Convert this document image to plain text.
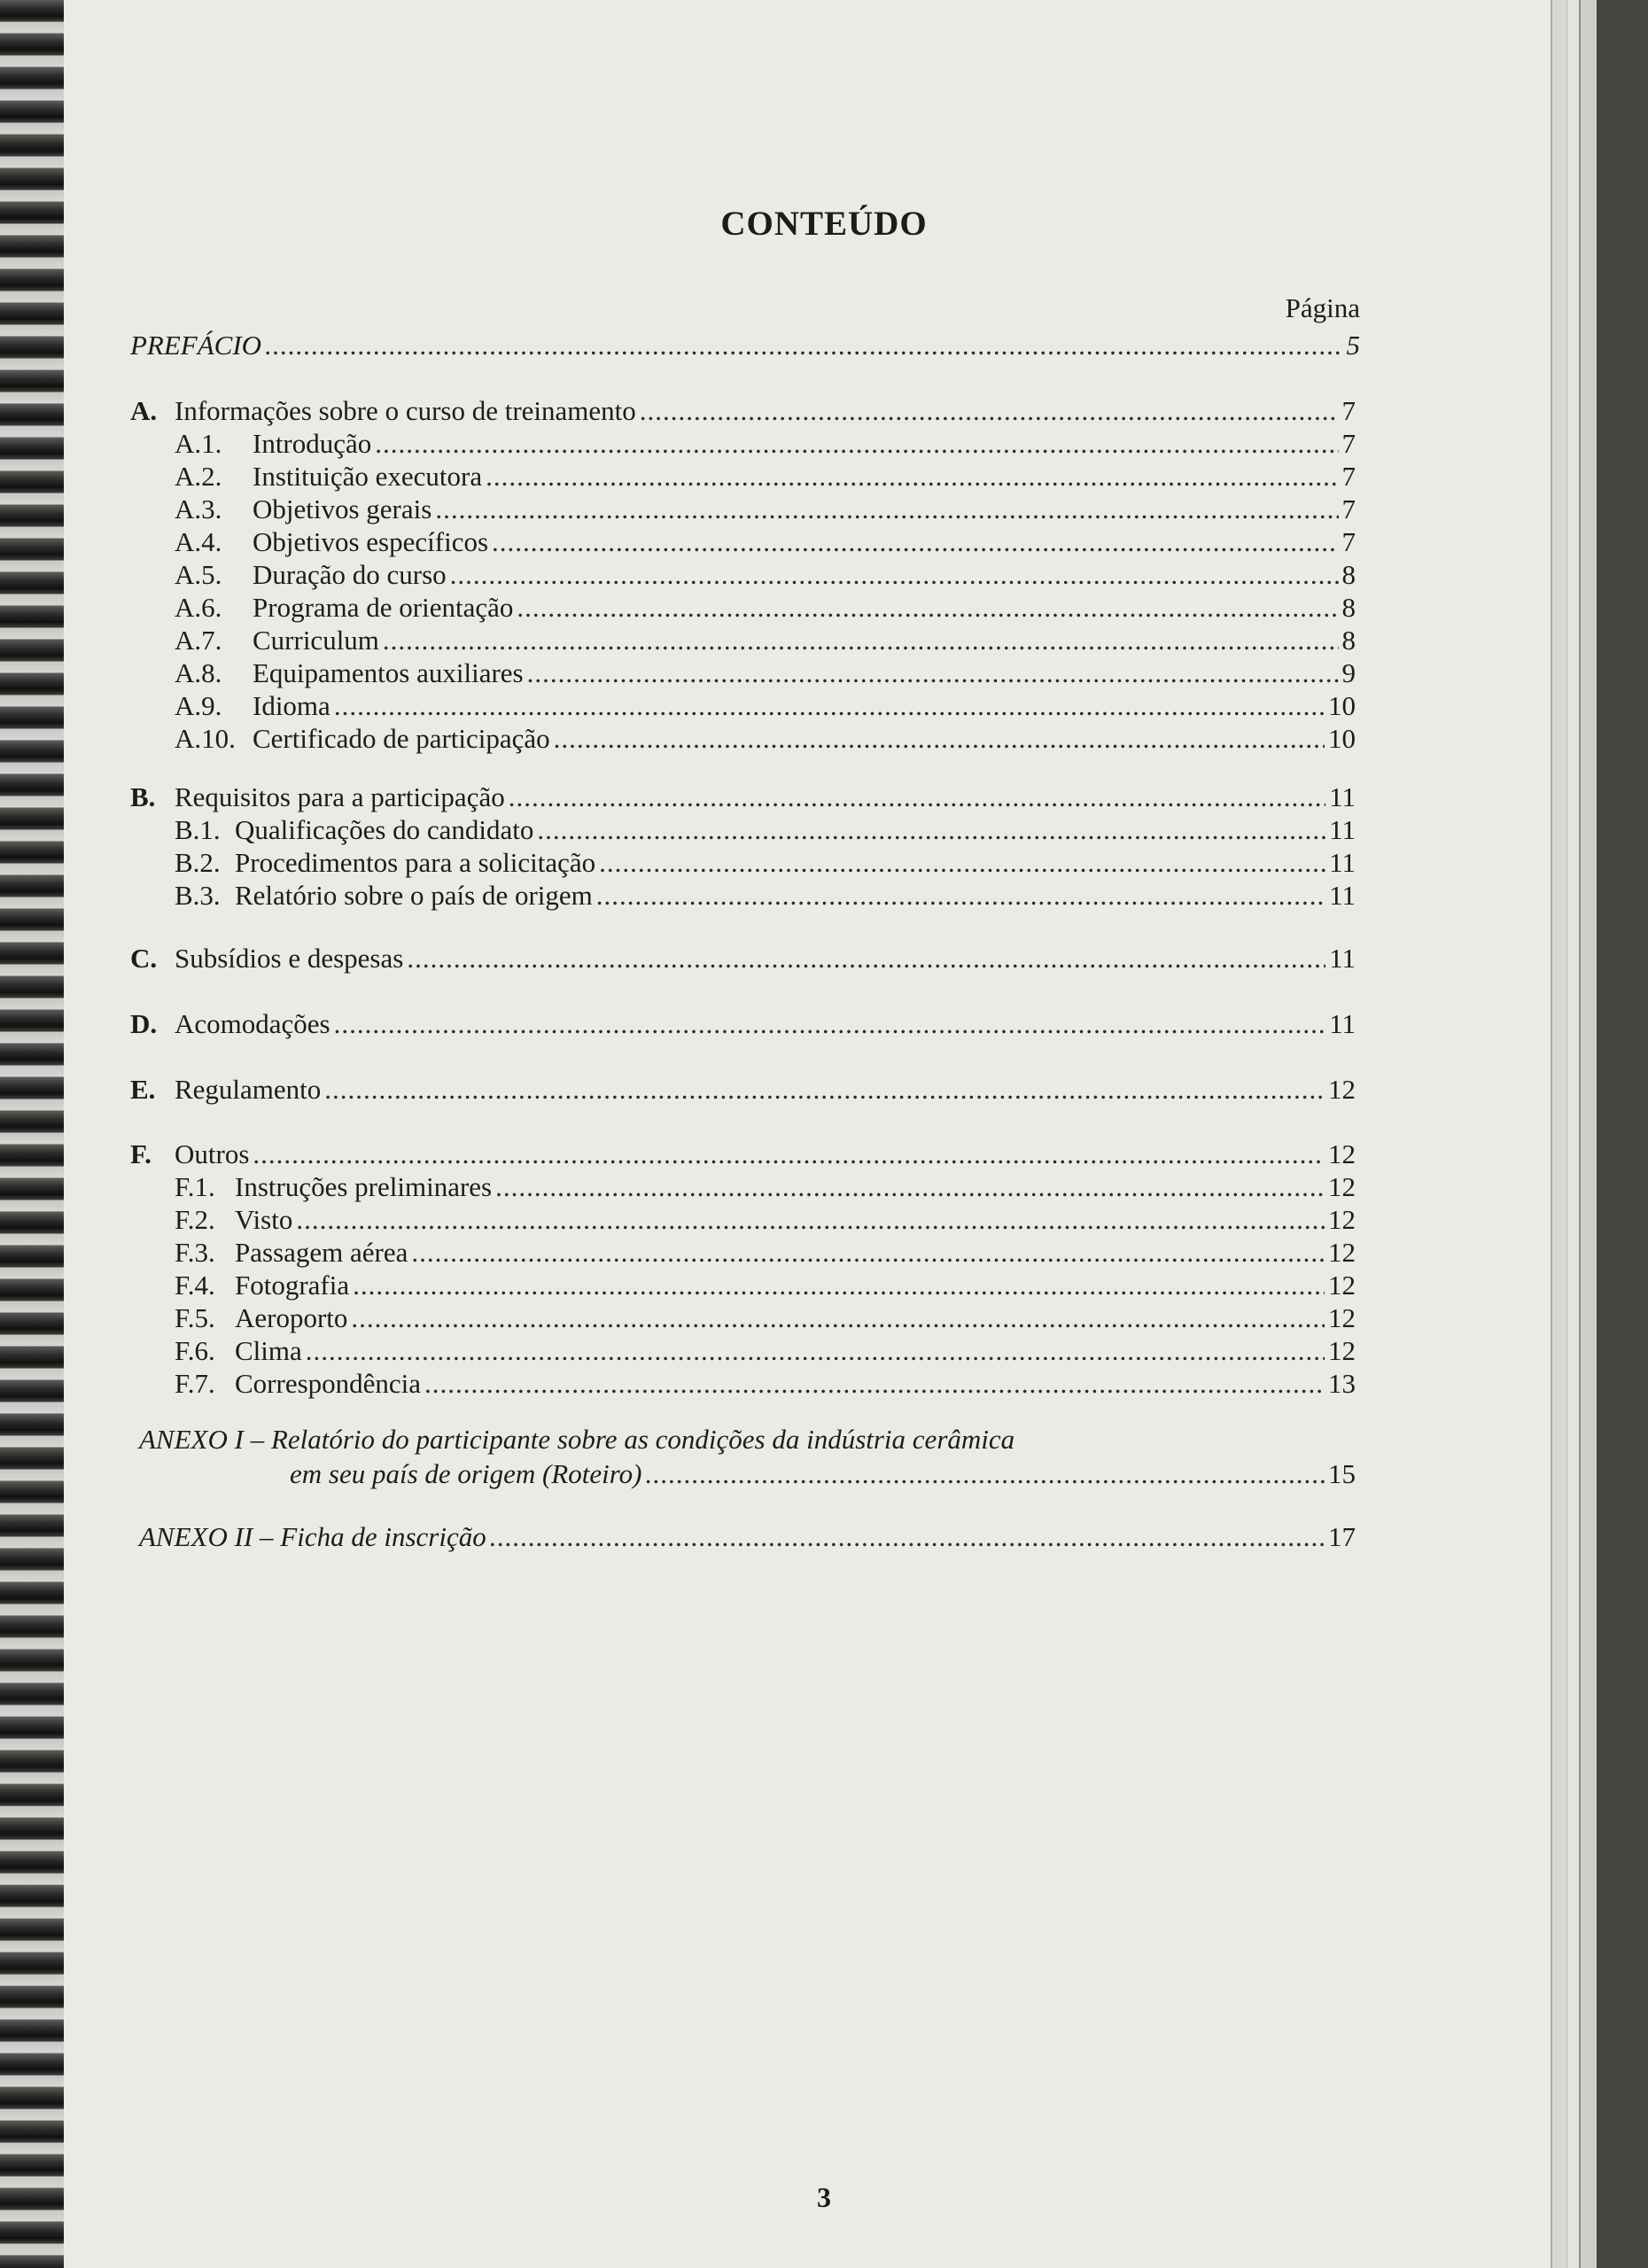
CONTEÚDO
Página
PREFÁCIO .....	5
A. Informações sobre o curso de treinamento .....	7
A.1.	Introdução .....	7
A.2.	Instituição executora .....	7
A.3.	Objetivos gerais .....	7
A.4.	Objetivos específicos .....	7
A.5.	Duração do curso .....	8
A.6.	Programa de orientação .....	8
A.7.	Curriculum .....	8
A.8.	Equipamentos auxiliares .....	9
A.9.	Idioma .....	10
A.10. Certificado de participação .....	10
B. Requisitos para a participação .....	11
B.1. Qualificações do candidato .....	11
B.2. Procedimentos para a solicitação .....	11
B.3. Relatório sobre o país de origem .....	11
C. Subsídios e despesas .....	11
D. Acomodações .....	11
E. Regulamento .....	12
F. Outros .....	12
F.1. Instruções preliminares .....	12
F.2. Visto .....	12
F.3. Passagem aérea .....	12
F.4. Fotografia .....	12
F.5. Aeroporto .....	12
F.6. Clima .....	12
F.7. Correspondência .....	13
ANEXO I – Relatório do participante sobre as condições da indústria cerâmica
em seu país de origem (Roteiro) .....	15
ANEXO II – Ficha de inscrição .....	17
3
